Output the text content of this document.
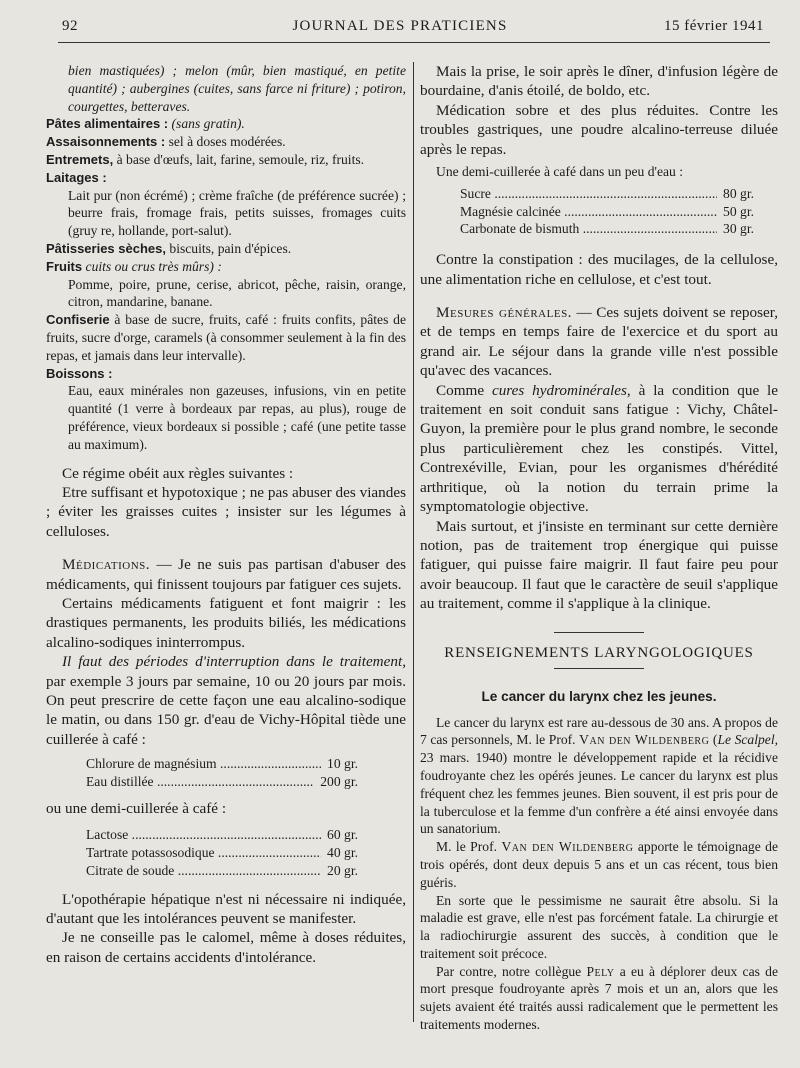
92	JOURNAL DES PRATICIENS	15 février 1941

bien mastiquées) ; melon (mûr, bien mastiqué, en petite quantité) ; aubergines (cuites, sans farce ni friture) ; potiron, courgettes, betteraves.

Pâtes alimentaires : (sans gratin).

Assaisonnements : sel à doses modérées.

Entremets, à base d'œufs, lait, farine, semoule, riz, fruits.

Laitages :

Lait pur (non écrémé) ; crème fraîche (de préférence sucrée) ; beurre frais, fromage frais, petits suisses, fromages cuits (gruy re, hollande, port-salut).

Pâtisseries sèches, biscuits, pain d'épices.

Fruits cuits ou crus très mûrs) :

Pomme, poire, prune, cerise, abricot, pêche, raisin, orange, citron, mandarine, banane.

Confiserie à base de sucre, fruits, café : fruits confits, pâtes de fruits, sucre d'orge, caramels (à consommer seulement à la fin des repas, et jamais dans leur intervalle).

Boissons :

Eau, eaux minérales non gazeuses, infusions, vin en petite quantité (1 verre à bordeaux par repas, au plus), rouge de préférence, vieux bordeaux si possible ; café (une petite tasse au maximum).

Ce régime obéit aux règles suivantes :

Etre suffisant et hypotoxique ; ne pas abuser des viandes ; éviter les graisses cuites ; insister sur les légumes à celluloses.

Médications. — Je ne suis pas partisan d'abuser des médicaments, qui finissent toujours par fatiguer ces sujets.

Certains médicaments fatiguent et font maigrir : les drastiques permanents, les produits biliés, les médications alcalino-sodiques ininterrompus.

Il faut des périodes d'interruption dans le traitement, par exemple 3 jours par semaine, 10 ou 20 jours par mois. On peut prescrire de cette façon une eau alcalino-sodique le matin, ou dans 150 gr. d'eau de Vichy-Hôpital tiède une cuillerée à café :

Chlorure de magnésium .....	10 gr.
Eau distillée .....	200 gr.

ou une demi-cuillerée à café :

Lactose .....	60 gr.
Tartrate potassosodique .....	40 gr.
Citrate de soude .....	20 gr.

L'opothérapie hépatique n'est ni nécessaire ni indiquée, d'autant que les intolérances peuvent se manifester.

Je ne conseille pas le calomel, même à doses réduites, en raison de certains accidents d'intolérance.

Mais la prise, le soir après le dîner, d'infusion légère de bourdaine, d'anis étoilé, de boldo, etc.

Médication sobre et des plus réduites. Contre les troubles gastriques, une poudre alcalino-terreuse diluée après le repas.

Une demi-cuillerée à café dans un peu d'eau :

Sucre .....	80 gr.
Magnésie calcinée .....	50 gr.
Carbonate de bismuth .....	30 gr.

Contre la constipation : des mucilages, de la cellulose, une alimentation riche en cellulose, et c'est tout.

Mesures générales. — Ces sujets doivent se reposer, et de temps en temps faire de l'exercice et du sport au grand air. Le séjour dans la grande ville n'est possible qu'avec des vacances.

Comme cures hydrominérales, à la condition que le traitement en soit conduit sans fatigue : Vichy, Châtel-Guyon, la première pour le plus grand nombre, le seconde plus particulièrement chez les constipés. Vittel, Contrexéville, Evian, pour les organismes d'hérédité arthritique, où la notion du terrain prime la symptomatologie objective.

Mais surtout, et j'insiste en terminant sur cette dernière notion, pas de traitement trop énergique qui puisse fatiguer, qui puisse faire maigrir. Il faut faire peu pour avoir beaucoup. Il faut que le caractère de seuil s'applique au traitement, comme il s'applique à la clinique.

RENSEIGNEMENTS LARYNGOLOGIQUES
Le cancer du larynx chez les jeunes.

Le cancer du larynx est rare au-dessous de 30 ans. A propos de 7 cas personnels, M. le Prof. Van den Wildenberg (Le Scalpel, 23 mars. 1940) montre le développement rapide et la récidive foudroyante chez les opérés jeunes. Le cancer du larynx est plus fréquent chez les femmes jeunes. Bien souvent, il est pris pour de la tuberculose et la femme d'un confrère a été ainsi envoyée dans un sanatorium.

M. le Prof. Van den Wildenberg apporte le témoignage de trois opérés, dont deux depuis 5 ans et un cas récent, tous bien guéris.

En sorte que le pessimisme ne saurait être absolu. Si la maladie est grave, elle n'est pas forcément fatale. La chirurgie et la radiochirurgie assurent des succès, à condition que le traitement soit précoce.

Par contre, notre collègue Pely a eu à déplorer deux cas de mort presque foudroyante après 7 mois et un an, alors que les sujets avaient été traités aussi radicalement que le permettent les traitements modernes.
